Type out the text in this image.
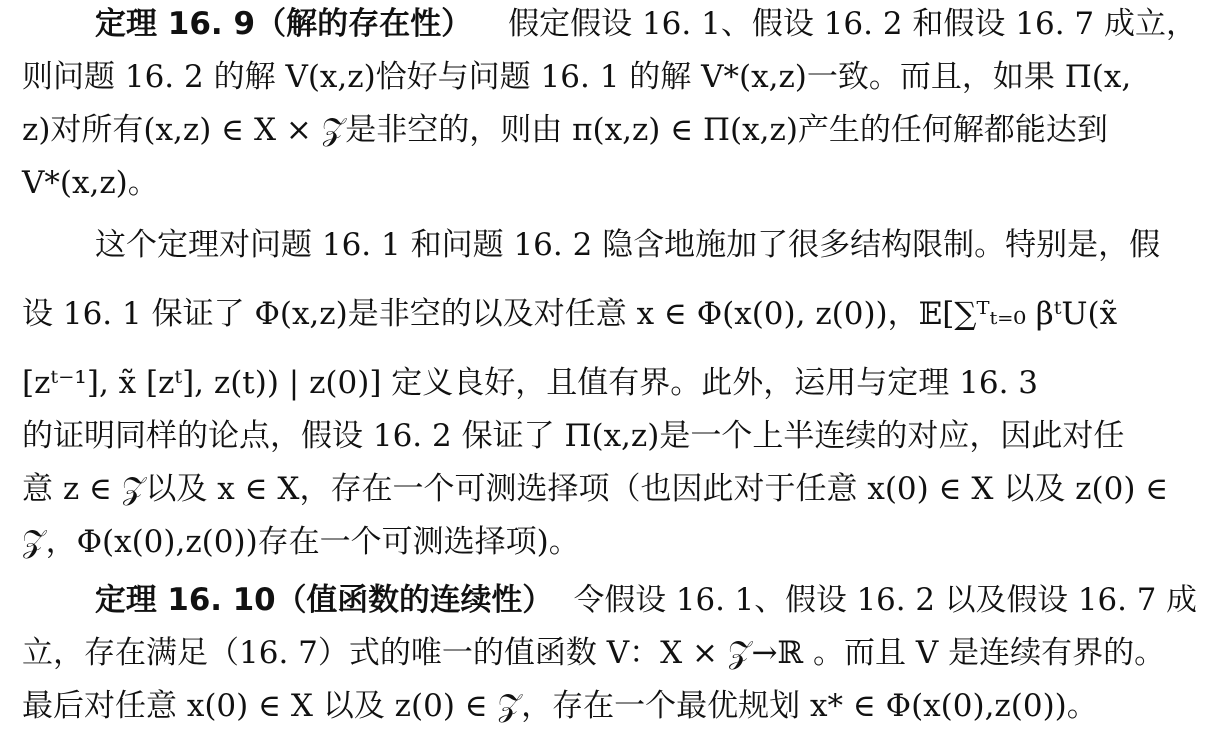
定理 16. 9（解的存在性） 假定假设 16. 1、假设 16. 2 和假设 16. 7 成立，
则问题 16. 2 的解 V(x,z)恰好与问题 16. 1 的解 V*(x,z)一致。而且，如果 Π(x,
z)对所有(x,z) ∈ X × 𝒵是非空的，则由 π(x,z) ∈ Π(x,z)产生的任何解都能达到
V*(x,z)。
这个定理对问题 16. 1 和问题 16. 2 隐含地施加了很多结构限制。特别是，假
设 16. 1 保证了 Φ(x,z)是非空的以及对任意 x ∈ Φ(x(0), z(0))，𝔼[∑ᵀₜ₌₀ βᵗU(x̃
[zᵗ⁻¹], x̃ [zᵗ], z(t)) | z(0)] 定义良好，且值有界。此外，运用与定理 16. 3
的证明同样的论点，假设 16. 2 保证了 Π(x,z)是一个上半连续的对应，因此对任
意 z ∈ 𝒵以及 x ∈ X，存在一个可测选择项（也因此对于任意 x(0) ∈ X 以及 z(0) ∈
𝒵，Φ(x(0),z(0))存在一个可测选择项)。
定理 16. 10（值函数的连续性） 令假设 16. 1、假设 16. 2 以及假设 16. 7 成
立，存在满足（16. 7）式的唯一的值函数 V：X × 𝒵→ℝ 。而且 V 是连续有界的。
最后对任意 x(0) ∈ X 以及 z(0) ∈ 𝒵，存在一个最优规划 x* ∈ Φ(x(0),z(0))。
